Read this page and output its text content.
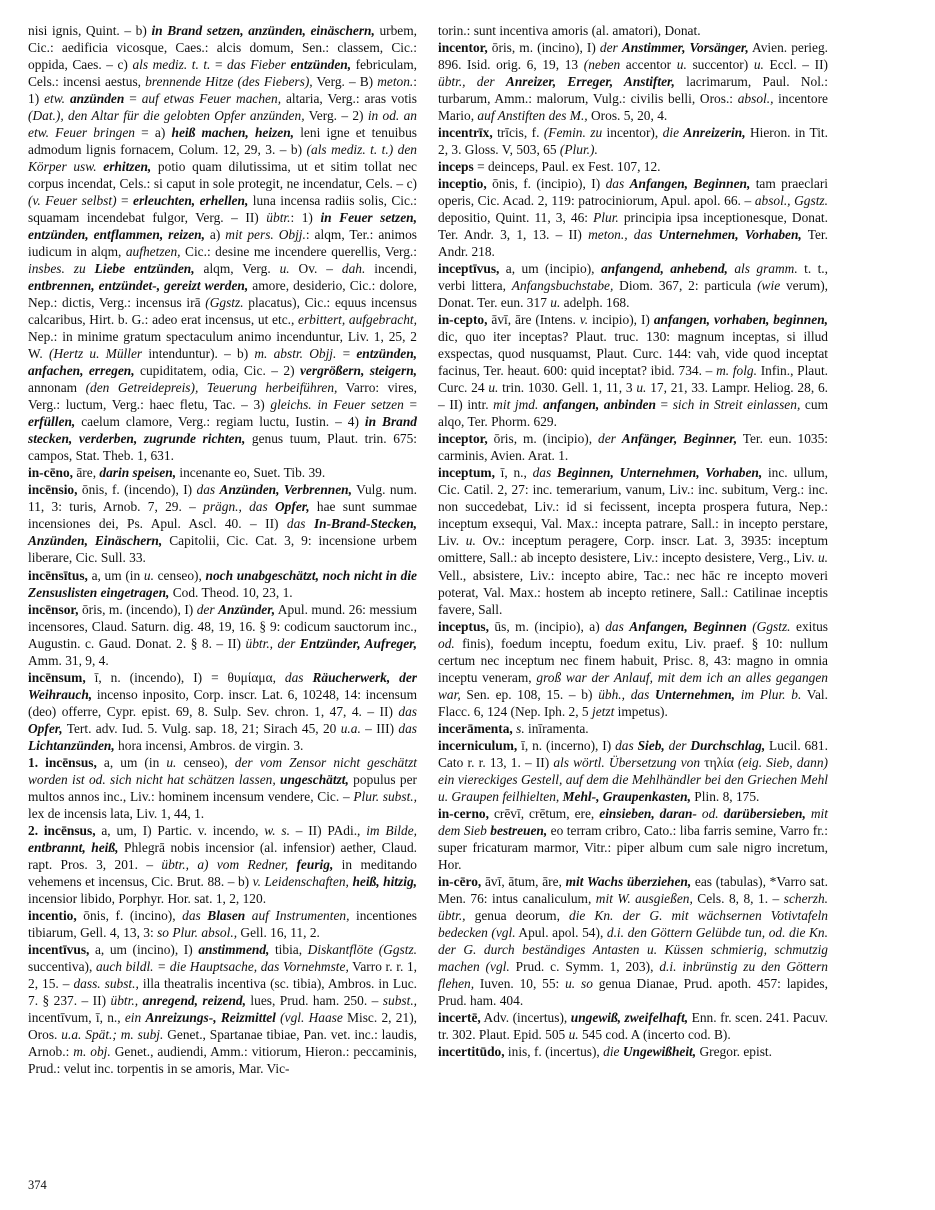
nisi ignis, Quint. – b) in Brand setzen, anzünden, einäschern, urbem, Cic.: aedificia vicosque, Caes.: alcis domum, Sen.: classem, Cic.: oppida, Caes. – c) als mediz. t. t. = das Fieber entzünden, febriculam, Cels.: incensi aestus, brennende Hitze (des Fiebers), Verg. – B) meton.: 1) etw. anzünden = auf etwas Feuer machen, altaria, Verg.: aras votis (Dat.), den Altar für die gelobten Opfer anzünden, Verg. – 2) in od. an etw. Feuer bringen = a) heiß machen, heizen, leni igne et tenuibus admodum lignis fornacem, Colum. 12, 29, 3. – b) (als mediz. t. t.) den Körper usw. erhitzen, potio quam dilutissima, ut et sitim tollat nec corpus incendat, Cels.: si caput in sole protegit, ne incendatur, Cels. – c) (v. Feuer selbst) = erleuchten, erhellen, luna incensa radiis solis, Cic.: squamam incendebat fulgor, Verg. – II) übtr.: 1) in Feuer setzen, entzünden, entflammen, reizen, a) mit pers. Objj.: alqm, Ter.: animos iudicum in alqm, aufhetzen, Cic.: desine me incendere querellis, Verg.: insbes. zu Liebe entzünden, alqm, Verg. u. Ov. – dah. incendi, entbrennen, entzündet-, gereizt werden, amore, desiderio, Cic.: dolore, Nep.: dictis, Verg.: incensus irā (Ggstz. placatus), Cic.: equus incensus calcaribus, Hirt. b. G.: adeo erat incensus, ut etc., erbittert, aufgebracht, Nep.: in minime gratum spectaculum animo incenduntur, Liv. 1, 25, 2 W. (Hertz u. Müller intenduntur). – b) m. abstr. Objj. = entzünden, anfachen, erregen, cupiditatem, odia, Cic. – 2) vergrößern, steigern, annonam (den Getreidepreis), Teuerung herbeiführen, Varro: vires, Verg.: luctum, Verg.: haec fletu, Tac. – 3) gleichs. in Feuer setzen = erfüllen, caelum clamore, Verg.: regiam luctu, Iustin. – 4) in Brand stecken, verderben, zugrunde richten, genus tuum, Plaut. trin. 675: campos, Stat. Theb. 1, 631.

in-cēno, āre, darin speisen, incenante eo, Suet. Tib. 39.

incēnsio, ōnis, f. (incendo), I) das Anzünden, Verbrennen, Vulg. num. 11, 3: turis, Arnob. 7, 29. – prägn., das Opfer, hae sunt summae incensiones dei, Ps. Apul. Ascl. 40. – II) das In-Brand-Stecken, Anzünden, Einäschern, Capitolii, Cic. Cat. 3, 9: incensione urbem liberare, Cic. Sull. 33.

incēnsītus, a, um (in u. censeo), noch unabgeschätzt, noch nicht in die Zensuslisten eingetragen, Cod. Theod. 10, 23, 1.

incēnsor, ōris, m. (incendo), I) der Anzünder, Apul. mund. 26: messium incensores, Claud. Saturn. dig. 48, 19, 16. § 9: codicum sauctorum inc., Augustin. c. Gaud. Donat. 2. § 8. – II) übtr., der Entzünder, Aufreger, Amm. 31, 9, 4.

incēnsum, ī, n. (incendo), I) = θυμίαμα, das Räucherwerk, der Weihrauch, incenso inposito, Corp. inscr. Lat. 6, 10248, 14: incensum (deo) offerre, Cypr. epist. 69, 8. Sulp. Sev. chron. 1, 47, 4. – II) das Opfer, Tert. adv. Iud. 5. Vulg. sap. 18, 21; Sirach 45, 20 u.a. – III) das Lichtanzünden, hora incensi, Ambros. de virgin. 3.

1. incēnsus, a, um (in u. censeo), der vom Zensor nicht geschätzt worden ist od. sich nicht hat schätzen lassen, ungeschätzt, populus per multos annos inc., Liv.: hominem incensum vendere, Cic. – Plur. subst., lex de incensis lata, Liv. 1, 44, 1.

2. incēnsus, a, um, I) Partic. v. incendo, w. s. – II) PAdi., im Bilde, entbrannt, heiß, Phlegrā nobis incensior (al. infensior) aether, Claud. rapt. Pros. 3, 201. – übtr., a) vom Redner, feurig, in meditando vehemens et incensus, Cic. Brut. 88. – b) v. Leidenschaften, heiß, hitzig, incensior libido, Porphyr. Hor. sat. 1, 2, 120.

incentio, ōnis, f. (incino), das Blasen auf Instrumenten, incentiones tibiarum, Gell. 4, 13, 3: so Plur. absol., Gell. 16, 11, 2.

incentīvus, a, um (incino), I) anstimmend, tibia, Diskantflöte (Ggstz. succentiva), auch bildl. = die Hauptsache, das Vornehmste, Varro r. r. 1, 2, 15. – dass. subst., illa theatralis incentiva (sc. tibia), Ambros. in Luc. 7. § 237. – II) übtr., anregend, reizend, lues, Prud. ham. 250. – subst., incentīvum, ī, n., ein Anreizungs-, Reizmittel (vgl. Haase Misc. 2, 21), Oros. u.a. Spät.; m. subj. Genet., Spartanae tibiae, Pan. vet. inc.: laudis, Arnob.: m. obj. Genet., audiendi, Amm.: vitiorum, Hieron.: peccaminis, Prud.: velut inc. torpentis in se amoris, Mar. Vic-

torin.: sunt incentiva amoris (al. amatori), Donat.

incentor, ōris, m. (incino), I) der Anstimmer, Vorsänger, Avien. perieg. 896. Isid. orig. 6, 19, 13 (neben accentor u. succentor) u. Eccl. – II) übtr., der Anreizer, Erreger, Anstifter, lacrimarum, Paul. Nol.: turbarum, Amm.: malorum, Vulg.: civilis belli, Oros.: absol., incentore Mario, auf Anstiften des M., Oros. 5, 20, 4.

incentrīx, trīcis, f. (Femin. zu incentor), die Anreizerin, Hieron. in Tit. 2, 3. Gloss. V, 503, 65 (Plur.).

inceps = deinceps, Paul. ex Fest. 107, 12.

inceptio, ōnis, f. (incipio), I) das Anfangen, Beginnen, tam praeclari operis, Cic. Acad. 2, 119: patrociniorum, Apul. apol. 66. – absol., Ggstz. depositio, Quint. 11, 3, 46: Plur. principia ipsa inceptionesque, Donat. Ter. Andr. 3, 1, 13. – II) meton., das Unternehmen, Vorhaben, Ter. Andr. 218.

inceptīvus, a, um (incipio), anfangend, anhebend, als gramm. t. t., verbi littera, Anfangsbuchstabe, Diom. 367, 2: particula (wie verum), Donat. Ter. eun. 317 u. adelph. 168.

in-cepto, āvī, āre (Intens. v. incipio), I) anfangen, vorhaben, beginnen, dic, quo iter inceptas? Plaut. truc. 130: magnum inceptas, si illud exspectas, quod nusquamst, Plaut. Curc. 144: vah, vide quod inceptat facinus, Ter. heaut. 600: quid inceptat? ibid. 734. – m. folg. Infin., Plaut. Curc. 24 u. trin. 1030. Gell. 1, 11, 3 u. 17, 21, 33. Lampr. Heliog. 28, 6. – II) intr. mit jmd. anfangen, anbinden = sich in Streit einlassen, cum alqo, Ter. Phorm. 629.

inceptor, ōris, m. (incipio), der Anfänger, Beginner, Ter. eun. 1035: carminis, Avien. Arat. 1.

inceptum, ī, n., das Beginnen, Unternehmen, Vorhaben, inc. ullum, Cic. Catil. 2, 27: inc. temerarium, vanum, Liv.: inc. subitum, Verg.: inc. non succedebat, Liv.: id si fecissent, incepta prospera futura, Nep.: inceptum exsequi, Val. Max.: incepta patrare, Sall.: in incepto perstare, Liv. u. Ov.: inceptum peragere, Corp. inscr. Lat. 3, 3935: inceptum omittere, Sall.: ab incepto desistere, Liv.: incepto desistere, Verg., Liv. u. Vell., absistere, Liv.: incepto abire, Tac.: nec hāc re incepto moveri poterat, Val. Max.: hostem ab incepto retinere, Sall.: Catilinae inceptis favere, Sall.

inceptus, ūs, m. (incipio), a) das Anfangen, Beginnen (Ggstz. exitus od. finis), foedum inceptu, foedum exitu, Liv. praef. § 10: nullum certum nec inceptum nec finem habuit, Prisc. 8, 43: magno in omnia inceptu veneram, groß war der Anlauf, mit dem ich an alles gegangen war, Sen. ep. 108, 15. – b) übh., das Unternehmen, im Plur. b. Val. Flacc. 6, 124 (Nep. Iph. 2, 5 jetzt impetus).

incerāmenta, s. inīramenta.

incerniculum, ī, n. (incerno), I) das Sieb, der Durchschlag, Lucil. 681. Cato r. r. 13, 1. – II) als wörtl. Übersetzung von τηλία (eig. Sieb, dann) ein viereckiges Gestell, auf dem die Mehlhändler bei den Griechen Mehl u. Graupen feilhielten, Mehl-, Graupenkasten, Plin. 8, 175.

in-cerno, crēvī, crētum, ere, einsieben, daran- od. darübersieben, mit dem Sieb bestreuen, eo terram cribro, Cato.: liba farris semine, Varro fr.: super fricaturam marmor, Vitr.: piper album cum sale nigro incretum, Hor.

in-cēro, āvī, ātum, āre, mit Wachs überziehen, eas (tabulas), *Varro sat. Men. 76: intus canaliculum, mit W. ausgießen, Cels. 8, 8, 1. – scherzh. übtr., genua deorum, die Kn. der G. mit wächsernen Votivtafeln bedecken (vgl. Apul. apol. 54), d.i. den Göttern Gelübde tun, od. die Kn. der G. durch beständiges Antasten u. Küssen schmierig, schmutzig machen (vgl. Prud. c. Symm. 1, 203), d.i. inbrünstig zu den Göttern flehen, Iuven. 10, 55: u. so genua Dianae, Prud. apoth. 457: lapides, Prud. ham. 404.

incertē, Adv. (incertus), ungewiß, zweifelhaft, Enn. fr. scen. 241. Pacuv. tr. 302. Plaut. Epid. 505 u. 545 cod. A (incerto cod. B).

incertitūdo, inis, f. (incertus), die Ungewißheit, Gregor. epist.

374
